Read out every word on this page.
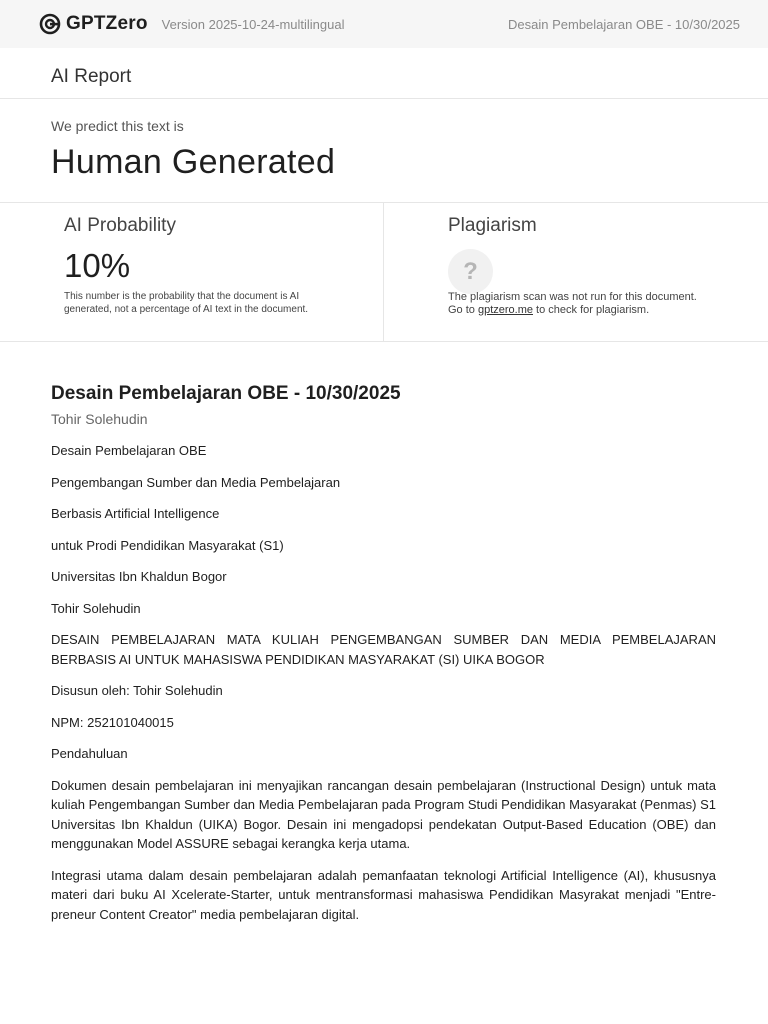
GPTZero Version 2025-10-24-multilingual	Desain Pembelajaran OBE - 10/30/2025
AI Report
We predict this text is
Human Generated
AI Probability
10%
This number is the probability that the document is AI generated, not a percentage of AI text in the document.
Plagiarism
?
The plagiarism scan was not run for this document. Go to gptzero.me to check for plagiarism.
Desain Pembelajaran OBE - 10/30/2025
Tohir Solehudin

Desain Pembelajaran OBE

Pengembangan Sumber dan Media Pembelajaran

Berbasis Artificial Intelligence

untuk Prodi Pendidikan Masyarakat (S1)

Universitas Ibn Khaldun Bogor

Tohir Solehudin

DESAIN PEMBELAJARAN MATA KULIAH PENGEMBANGAN SUMBER DAN MEDIA PEMBELAJARAN BERBASIS AI UNTUK MAHASISWA PENDIDIKAN MASYARAKAT (SI) UIKA BOGOR

Disusun oleh: Tohir Solehudin

NPM: 252101040015

Pendahuluan

Dokumen desain pembelajaran ini menyajikan rancangan desain pembelajaran (Instructional Design) untuk mata kuliah Pengembangan Sumber dan Media Pembelajaran pada Program Studi Pendidikan Masyarakat (Penmas) S1 Universitas Ibn Khaldun (UIKA) Bogor. Desain ini mengadopsi pendekatan Output-Based Education (OBE) dan menggunakan Model ASSURE sebagai kerangka kerja utama.

Integrasi utama dalam desain pembelajaran adalah pemanfaatan teknologi Artificial Intelligence (AI), khususnya materi dari buku AI Xcelerate-Starter, untuk mentransformasi mahasiswa Pendidikan Masyrakat menjadi "Entrepreneur Content Creator" media pembelajaran digital.
